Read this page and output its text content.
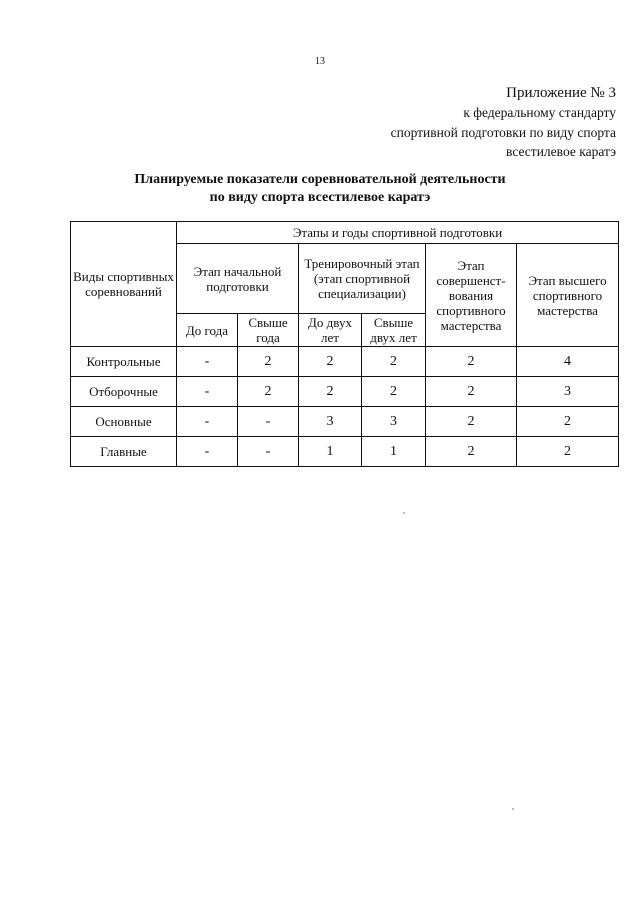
13
Приложение № 3
к федеральному стандарту
спортивной подготовки по виду спорта
всестилевое каратэ
Планируемые показатели соревновательной деятельности
по виду спорта всестилевое каратэ
Виды спортивных соревнований	Этапы и годы спортивной подготовки					
	Этап начальной подготовки		Тренировочный этап (этап спортивной специализации)		Этап совершенст-вования спортивного мастерства	Этап высшего спортивного мастерства
	До года	Свыше года	До двух лет	Свыше двух лет		
Контрольные	-	2	2	2	2	4
Отборочные	-	2	2	2	2	3
Основные	-	-	3	3	2	2
Главные	-	-	1	1	2	2
